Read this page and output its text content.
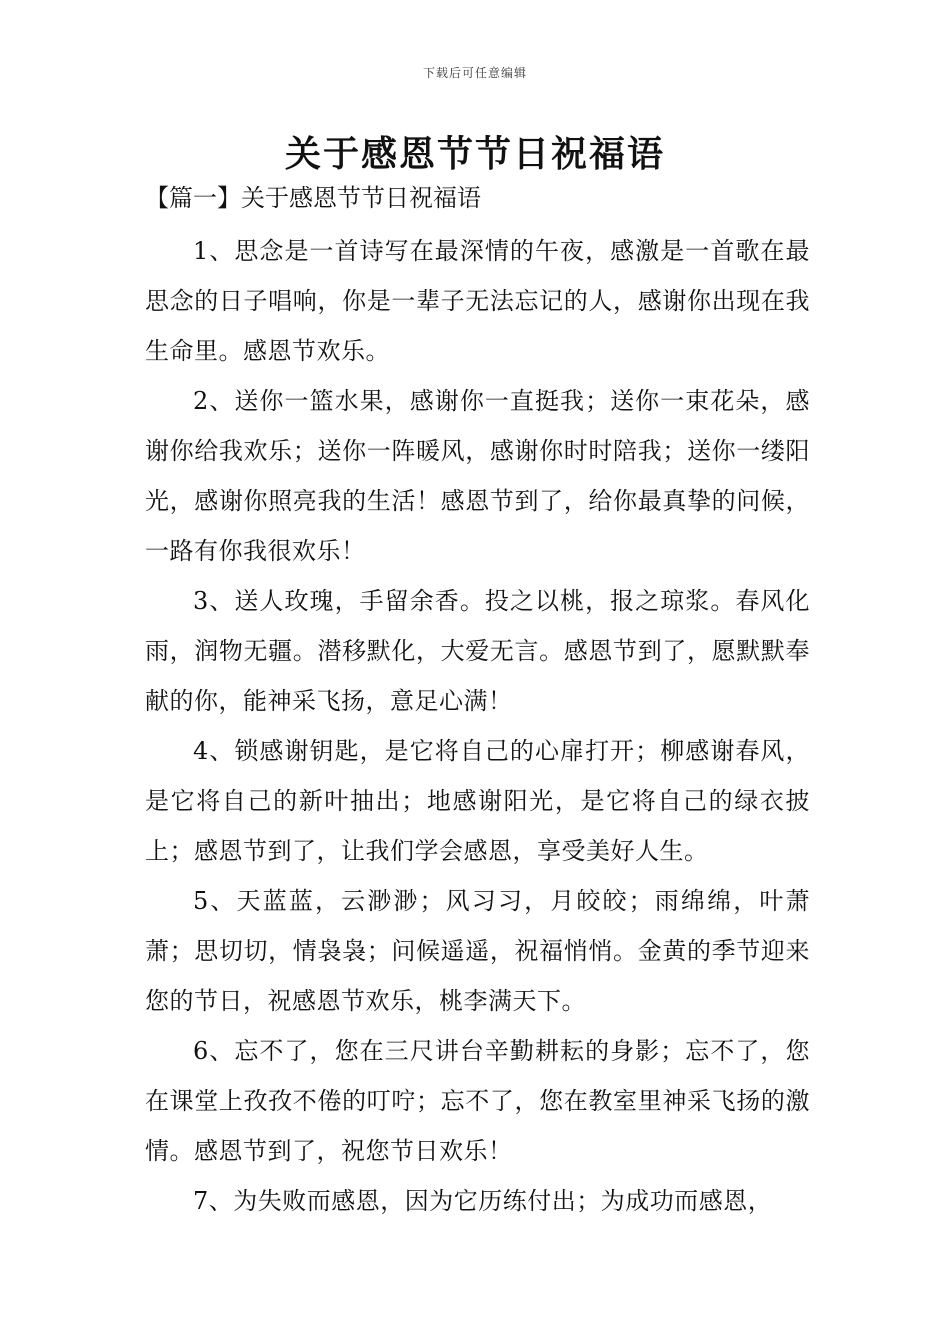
下载后可任意编辑
关于感恩节节日祝福语

【篇一】关于感恩节节日祝福语

1、思念是一首诗写在最深情的午夜，感激是一首歌在最思念的日子唱响，你是一辈子无法忘记的人，感谢你出现在我生命里。感恩节欢乐。

2、送你一篮水果，感谢你一直挺我；送你一束花朵，感谢你给我欢乐；送你一阵暖风，感谢你时时陪我；送你一缕阳光，感谢你照亮我的生活！感恩节到了，给你最真挚的问候，一路有你我很欢乐！

3、送人玫瑰，手留余香。投之以桃，报之琼浆。春风化雨，润物无疆。潜移默化，大爱无言。感恩节到了，愿默默奉献的你，能神采飞扬，意足心满！

4、锁感谢钥匙，是它将自己的心扉打开；柳感谢春风，是它将自己的新叶抽出；地感谢阳光，是它将自己的绿衣披上；感恩节到了，让我们学会感恩，享受美好人生。

5、天蓝蓝，云渺渺；风习习，月皎皎；雨绵绵，叶萧萧；思切切，情袅袅；问候遥遥，祝福悄悄。金黄的季节迎来您的节日，祝感恩节欢乐，桃李满天下。

6、忘不了，您在三尺讲台辛勤耕耘的身影；忘不了，您在课堂上孜孜不倦的叮咛；忘不了，您在教室里神采飞扬的激情。感恩节到了，祝您节日欢乐！

7、为失败而感恩，因为它历练付出；为成功而感恩，
